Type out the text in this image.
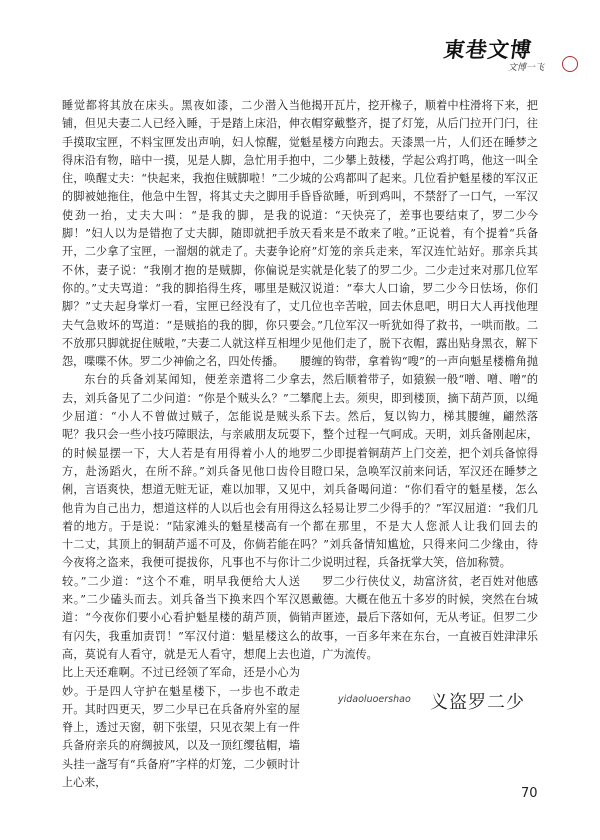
東巷文博
文博一飞

睡觉都将其放在床头。黑夜如漆，二少潜入当铺，但见夫妻二人已经入睡，于是踏上床沿，伸手摸取宝匣，不料宝匣发出声响，妇人惊醒，觉得床沿有物，暗中一摸，见是人脚，急忙用手抱住，唤醒丈夫：“快起来，我抱住贼脚啦！”二少的脚被她拖住，他急中生智，将其丈夫之脚用手使劲一抬，丈夫大叫：“是我的脚，是我的脚！”妇人以为是错抱了丈夫脚，随即就把手放开，二少拿了宝匣，一溜烟的就走了。夫妻争论不休，妻子说：“我刚才抱的是贼脚，你偏说是你的。”丈夫骂道：“我的脚掐得生疼，哪里是贼脚？”丈夫起身掌灯一看，宝匣已经没有了，丈夫气急败坏的骂道：“是贼掐的我的脚，你只要不放那只脚就捉住贼啦，”夫妻二人就这样互相埋怨，喋喋不休。罗二少神偷之名，四处传播。

东台的兵备刘某闻知，便差亲遣将二少拿去，刘兵备见了二少问道：“你是个贼头么？”二少屈道：“小人不曾做过贼子，怎能说是贼头呢？我只会一些小技巧障眼法，与亲戚朋友玩耍的时候显摆一下，大人若是有用得着小人的地方，赴汤蹈火，在所不辞。”刘兵备见他口齿伶俐，言语爽快，想道无赃无证，难以加罪，又见他肯为自己出力，想道这样的人以后也会有用得着的地方。于是说：“陆家滩头的魁星楼高有一十二丈，其顶上的铜葫芦遥不可及，你倘若能在今夜将之盗来，我便可提拔你，凡事也不与你计较。”二少道：“这个不难，明早我便给大人送来。”二少磕头而去。刘兵备当下换来四个军汉道：“今夜你们要小心看护魁星楼的葫芦顶，倘有闪失，我重加责罚！”军汉付道：魁星楼这么高，莫说有人看守，就是无人看守，想爬上去也比上天还难啊。不过已经领了军命，还是小心为妙。于是四人守护在魁星楼下，一步也不敢走开。其时四更天，罗二少早已在兵备府外室的屋脊上，透过天窗，朝下张望，只见衣架上有一件兵备府亲兵的府绸披风，以及一顶红缨毡帽，墙头挂一盏写有“兵备府”字样的灯笼，二少顿时计上心来，

他揭开瓦片，挖开椽子，顺着中柱滑将下来，把衣帽穿戴整齐，提了灯笼，从后门拉开门闩，往魁星楼方向跑去。天漆黑一片，人们还在睡梦之中，二少攀上鼓楼，学起公鸡打鸣，他这一叫全城的公鸡都叫了起来。几位看护魁星楼的军汉正昏昏欲睡，听到鸡叫，不禁舒了一口气，一军汉说道：“天快亮了，差事也要结束了，罗二少今天看来是不敢来了啦。”正说着，有个提着“兵备府”灯笼的亲兵走来，军汉连忙站好。那亲兵其实就是化装了的罗二少。二少走过来对那几位军汉说道：“奉大人口谕，罗二少今日怯场，你们几位也辛苦啦，回去休息吧，明日大人再找他理会。”几位军汉一听犹如得了救书，一哄而散。二少见他们走了，脱下衣帽，露出贴身黑衣，解下腰缠的钩带，拿着钩“嗖”的一声向魁星楼檐角抛去，然后顺着带子，如猿猴一般“噌、噌、噌”的攀爬上去。须臾，即到楼顶，摘下葫芦顶，以绳系下去。然后，复以钩力，梯其腰缠，翩然落下，整个过程一气呵成。天明，刘兵备刚起床，罗二少即提着铜葫芦上门交差，把个刘兵备惊得目瞪口呆，急唤军汉前来问话，军汉还在睡梦之中，刘兵备喝问道：“你们看守的魁星楼，怎么这么轻易让罗二少得手的？”军汉屈道：“我们几个都在那里，不是大人您派人让我们回去的吗？”刘兵备情知尴尬，只得来问二少缘由，待二少说明过程，兵备抚掌大笑，倍加称赞。

罗二少行侠仗义，劫富济贫，老百姓对他感恩戴德。大概在他五十多岁的时候，突然在台城销声匿迹，最后下落如何，无从考证。但罗二少的故事，一百多年来在东台，一直被百姓津津乐道，广为流传。

yidaoluoershao 义盗罗二少
70
